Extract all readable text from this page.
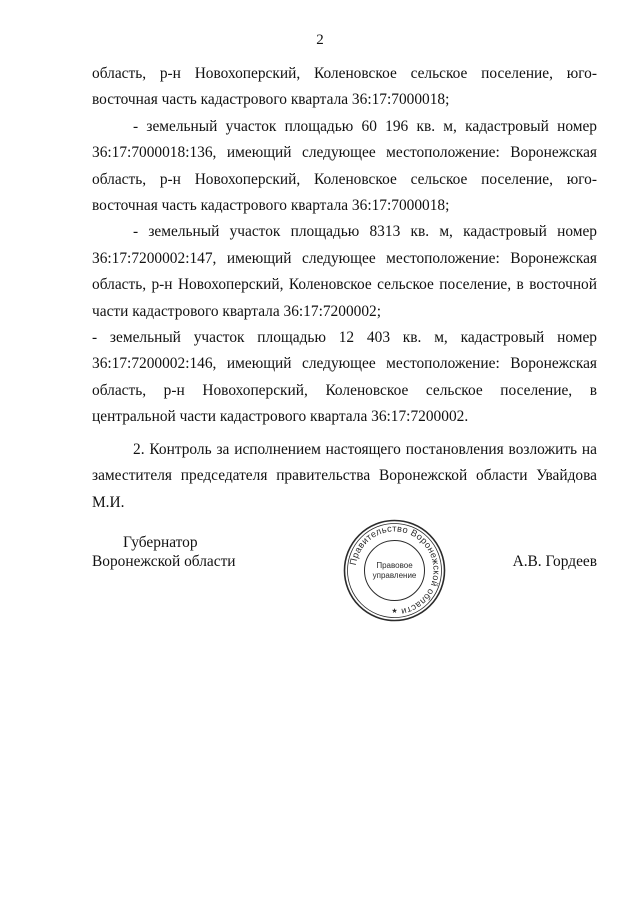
2

область, р-н Новохоперский, Коленовское сельское поселение, юго- восточная часть кадастрового квартала 36:17:7000018;

- земельный участок площадью 60 196 кв. м, кадастровый номер 36:17:7000018:136, имеющий следующее местоположение: Воронежская область, р-н Новохоперский, Коленовское сельское поселение, юго- восточная часть кадастрового квартала 36:17:7000018;

- земельный участок площадью 8313 кв. м, кадастровый номер 36:17:7200002:147, имеющий следующее местоположение: Воронежская область, р-н Новохоперский, Коленовское сельское поселение, в восточной части кадастрового квартала 36:17:7200002;

- земельный участок площадью 12 403 кв. м, кадастровый номер 36:17:7200002:146, имеющий следующее местоположение: Воронежская область, р-н Новохоперский, Коленовское сельское поселение, в центральной части кадастрового квартала 36:17:7200002.

2. Контроль за исполнением настоящего постановления возложить на заместителя председателя правительства Воронежской области Увайдова М.И.

Губернатор
Воронежской области	А.В. Гордеев
Правительство Воронежской области
Правовое
управление
★
